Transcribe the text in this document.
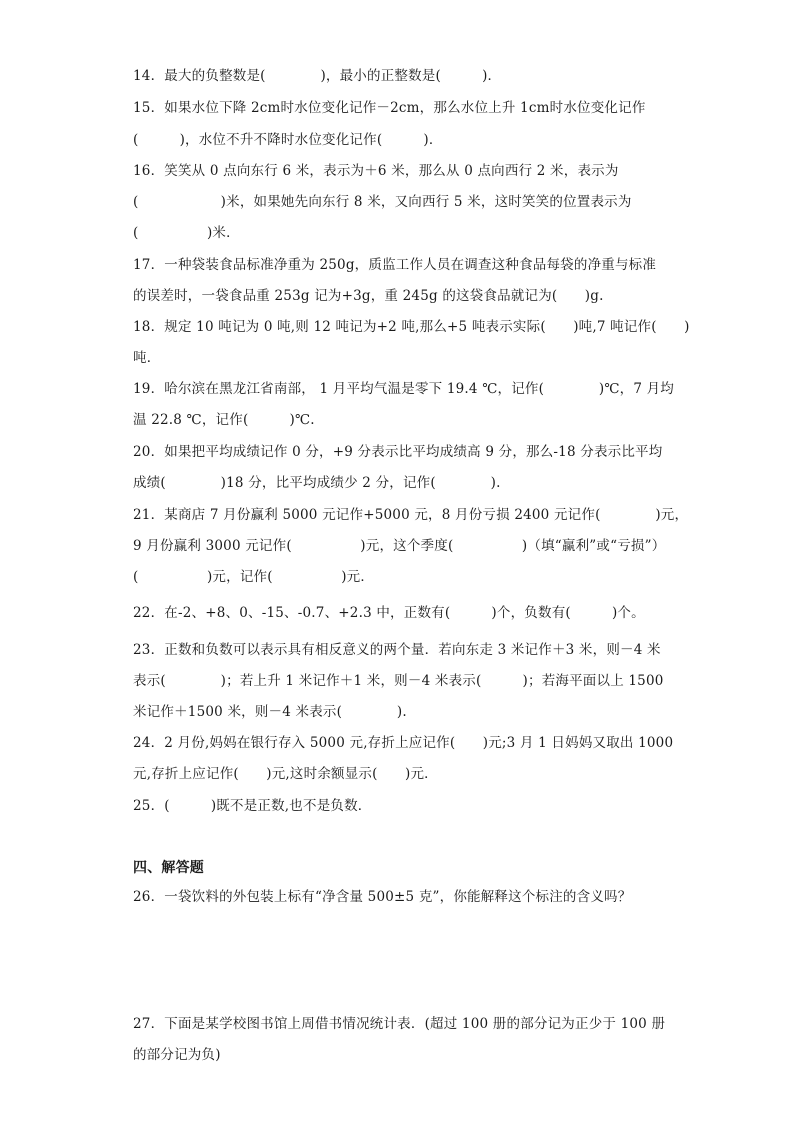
14．最大的负整数是(　　　　)，最小的正整数是(　　　)．
15．如果水位下降 2cm时水位变化记作－2cm，那么水位上升 1cm时水位变化记作
(　　　)，水位不升不降时水位变化记作(　　　)．
16．笑笑从 0 点向东行 6 米，表示为＋6 米，那么从 0 点向西行 2 米，表示为
(　　　　　　)米，如果她先向东行 8 米，又向西行 5 米，这时笑笑的位置表示为
(　　　　　)米．
17．一种袋装食品标准净重为 250g，质监工作人员在调查这种食品每袋的净重与标准
的误差时，一袋食品重 253g 记为+3g，重 245g 的这袋食品就记为(　　)g.
18．规定 10 吨记为 0 吨,则 12 吨记为+2 吨,那么+5 吨表示实际(　　)吨,7 吨记作(　　)
吨．
19．哈尔滨在黑龙江省南部， 1 月平均气温是零下 19.4 ℃，记作(　　　　)℃，7 月均
温 22.8 ℃，记作(　　　)℃.
20．如果把平均成绩记作 0 分，+9 分表示比平均成绩高 9 分，那么-18 分表示比平均
成绩(　　　　)18 分，比平均成绩少 2 分，记作(　　　　).
21．某商店 7 月份赢利 5000 元记作+5000 元，8 月份亏损 2400 元记作(　　　　)元，
9 月份赢利 3000 元记作(　　　　　)元，这个季度(　　　　　)（填“赢利”或“亏损”）
(　　　　　)元，记作(　　　　　)元．
22．在-2、+8、0、-15、-0.7、+2.3 中，正数有(　　　)个，负数有(　　　)个。
23．正数和负数可以表示具有相反意义的两个量．若向东走 3 米记作＋3 米，则－4 米
表示(　　　　)；若上升 1 米记作＋1 米，则－4 米表示(　　　)；若海平面以上 1500
米记作＋1500 米，则－4 米表示(　　　　).
24．2 月份,妈妈在银行存入 5000 元,存折上应记作(　　)元;3 月 1 日妈妈又取出 1000
元,存折上应记作(　　)元,这时余额显示(　　)元．
25．(　　　)既不是正数,也不是负数．
四、解答题
26．一袋饮料的外包装上标有“净含量 500±5 克”，你能解释这个标注的含义吗？
27．下面是某学校图书馆上周借书情况统计表．(超过 100 册的部分记为正少于 100 册
的部分记为负)
